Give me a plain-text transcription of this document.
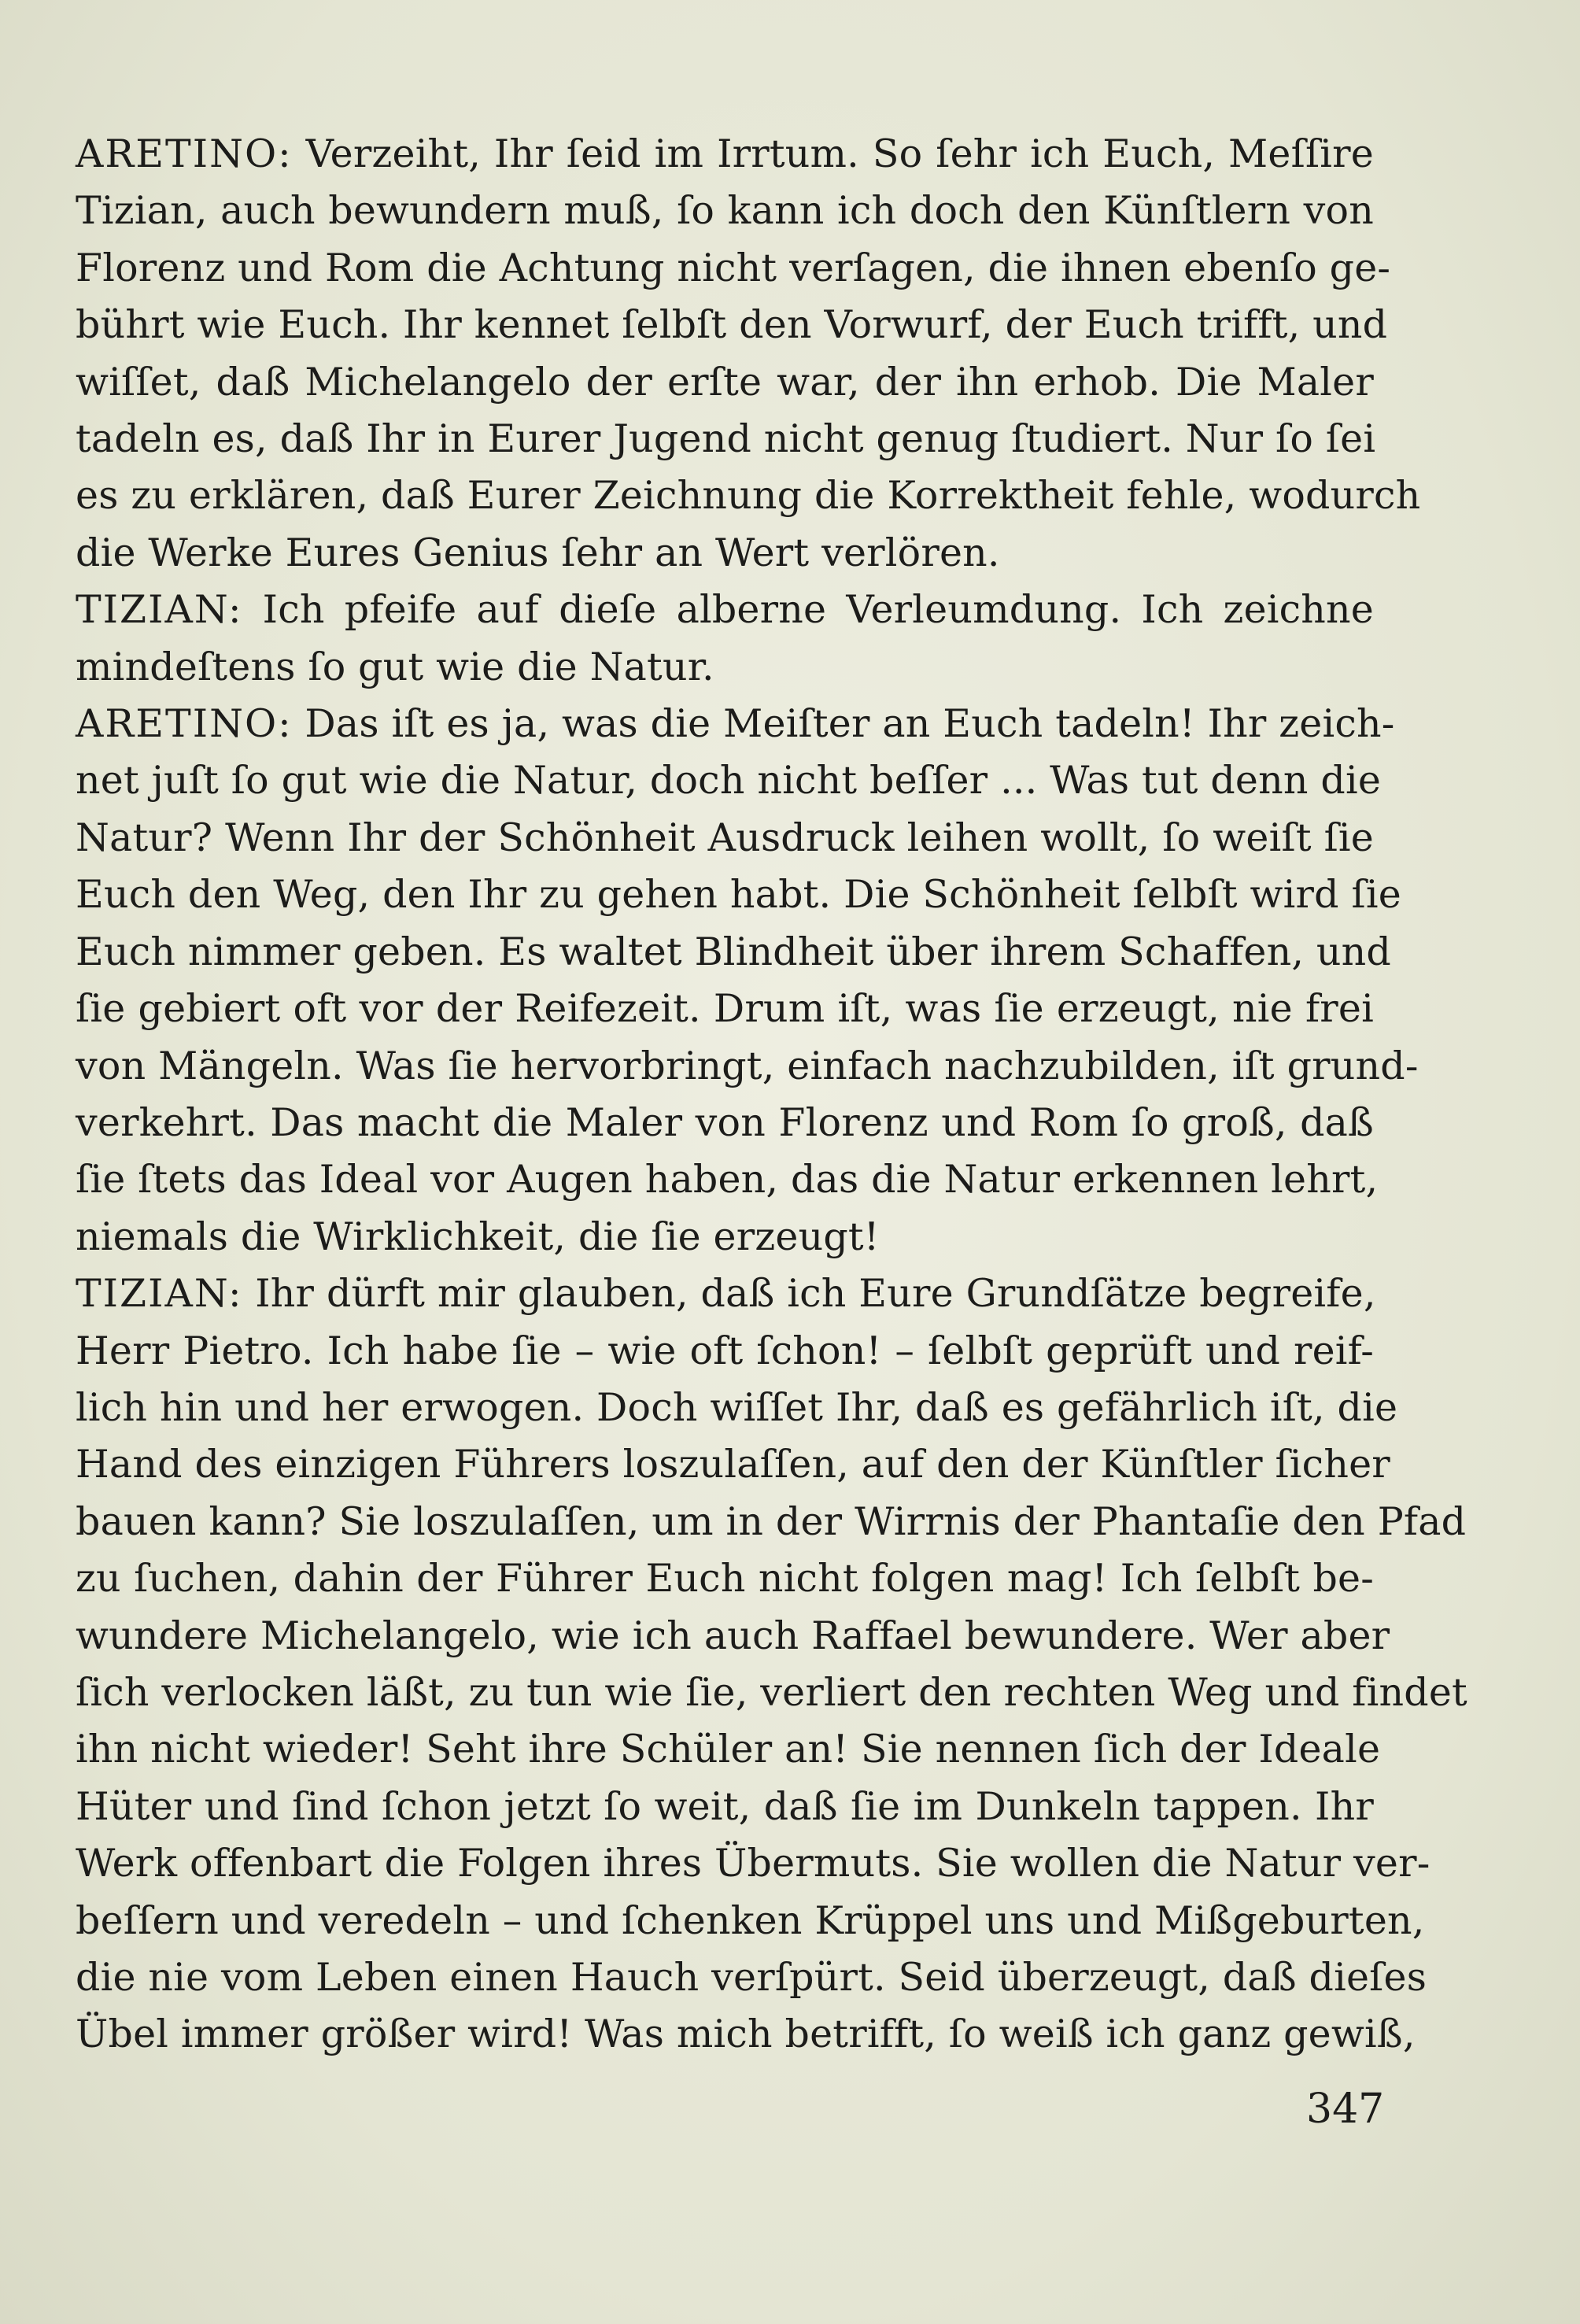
ARETINO: Verzeiht, Ihr ſeid im Irrtum. So ſehr ich Euch, Meſſire
Tizian, auch bewundern muß, ſo kann ich doch den Künſtlern von
Florenz und Rom die Achtung nicht verſagen, die ihnen ebenſo ge-
bührt wie Euch. Ihr kennet ſelbſt den Vorwurf, der Euch trifft, und
wiſſet, daß Michelangelo der erſte war, der ihn erhob. Die Maler
tadeln es, daß Ihr in Eurer Jugend nicht genug ſtudiert. Nur ſo ſei
es zu erklären, daß Eurer Zeichnung die Korrektheit fehle, wodurch
die Werke Eures Genius ſehr an Wert verlören.
TIZIAN: Ich pfeife auf dieſe alberne Verleumdung. Ich zeichne
mindeſtens ſo gut wie die Natur.
ARETINO: Das iſt es ja, was die Meiſter an Euch tadeln! Ihr zeich-
net juſt ſo gut wie die Natur, doch nicht beſſer ... Was tut denn die
Natur? Wenn Ihr der Schönheit Ausdruck leihen wollt, ſo weiſt ſie
Euch den Weg, den Ihr zu gehen habt. Die Schönheit ſelbſt wird ſie
Euch nimmer geben. Es waltet Blindheit über ihrem Schaffen, und
ſie gebiert oft vor der Reifezeit. Drum iſt, was ſie erzeugt, nie frei
von Mängeln. Was ſie hervorbringt, einfach nachzubilden, iſt grund-
verkehrt. Das macht die Maler von Florenz und Rom ſo groß, daß
ſie ſtets das Ideal vor Augen haben, das die Natur erkennen lehrt,
niemals die Wirklichkeit, die ſie erzeugt!
TIZIAN: Ihr dürft mir glauben, daß ich Eure Grundſätze begreife,
Herr Pietro. Ich habe ſie – wie oft ſchon! – ſelbſt geprüft und reif-
lich hin und her erwogen. Doch wiſſet Ihr, daß es gefährlich iſt, die
Hand des einzigen Führers loszulaſſen, auf den der Künſtler ſicher
bauen kann? Sie loszulaſſen, um in der Wirrnis der Phantaſie den Pfad
zu ſuchen, dahin der Führer Euch nicht folgen mag! Ich ſelbſt be-
wundere Michelangelo, wie ich auch Raffael bewundere. Wer aber
ſich verlocken läßt, zu tun wie ſie, verliert den rechten Weg und findet
ihn nicht wieder! Seht ihre Schüler an! Sie nennen ſich der Ideale
Hüter und ſind ſchon jetzt ſo weit, daß ſie im Dunkeln tappen. Ihr
Werk offenbart die Folgen ihres Übermuts. Sie wollen die Natur ver-
beſſern und veredeln – und ſchenken Krüppel uns und Mißgeburten,
die nie vom Leben einen Hauch verſpürt. Seid überzeugt, daß dieſes
Übel immer größer wird! Was mich betrifft, ſo weiß ich ganz gewiß,
347
